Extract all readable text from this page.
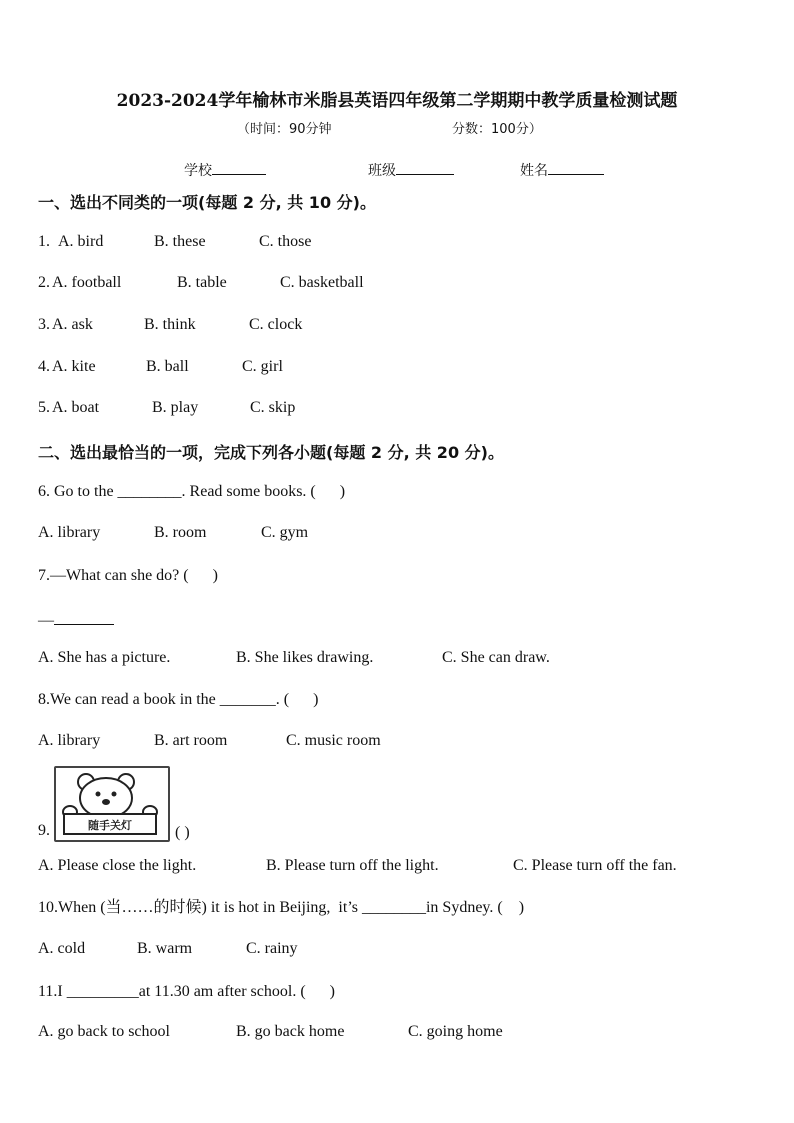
2023-2024学年榆林市米脂县英语四年级第二学期期中教学质量检测试题
（时间：90分钟	分数：100分）
学校	班级	姓名
一、选出不同类的一项(每题 2 分, 共 10 分)。
1. A. bird	B. these	C. those
2. A. football	B. table	C. basketball
3. A. ask	B. think	C. clock
4. A. kite	B. ball	C. girl
5. A. boat	B. play	C. skip
二、选出最恰当的一项，完成下列各小题(每题 2 分, 共 20 分)。
6. Go to the ________. Read some books. (      )
A. library	B. room	C. gym
7.—What can she do? (      )
—
A. She has a picture.	B. She likes drawing.	C. She can draw.
8.We can read a book in the _______. (      )
A. library	B. art room	C. music room
9.	随手关灯	( )
A. Please close the light.	B. Please turn off the light.	C. Please turn off the fan.
10.When (当……的时候) it is hot in Beijing,  it’s ________in Sydney. (    )
A. cold	B. warm	C. rainy
11.I _________at 11.30 am after school. (      )
A. go back to school	B. go back home	C. going home
